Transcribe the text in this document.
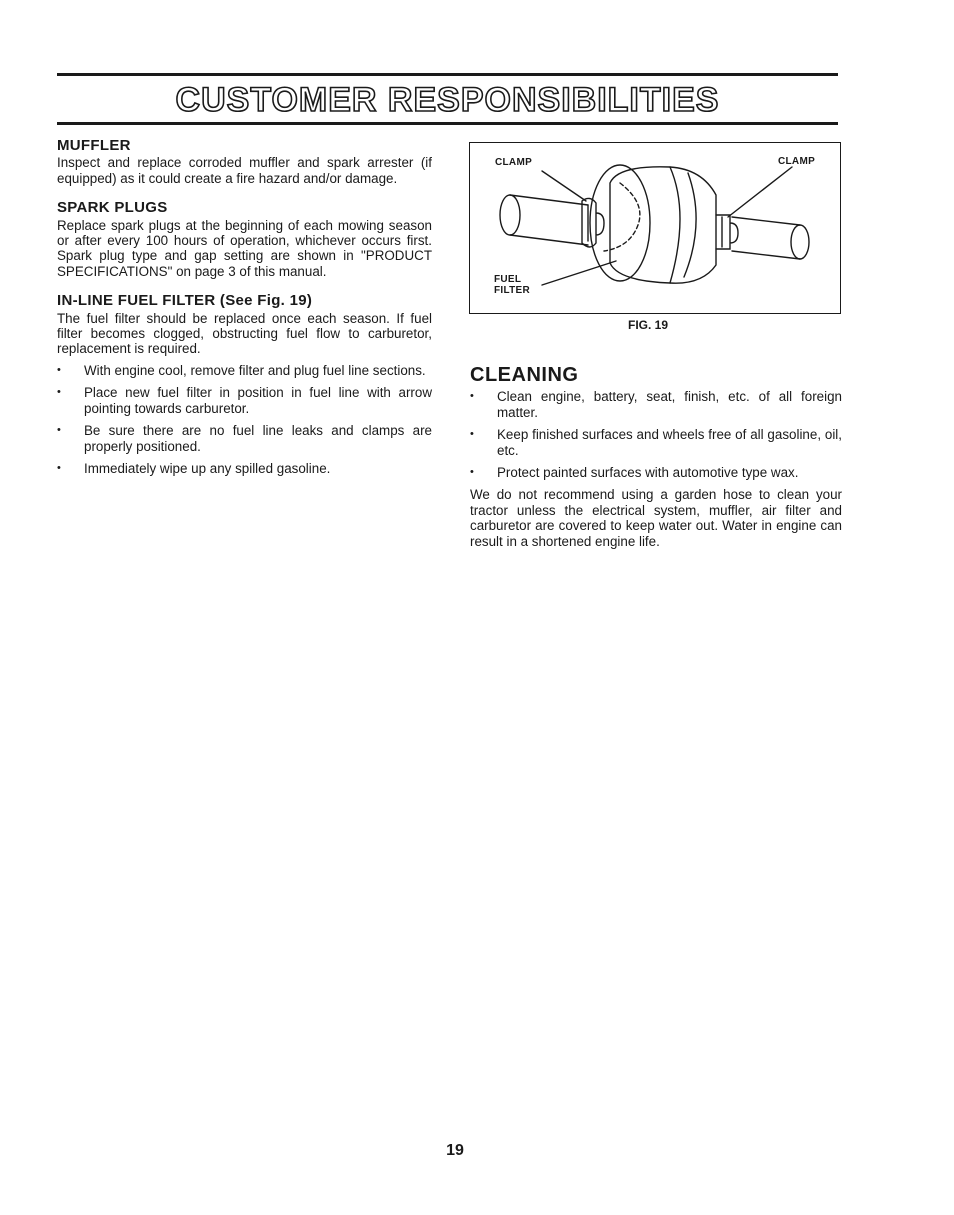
CUSTOMER RESPONSIBILITIES
MUFFLER

Inspect and replace corroded muffler and spark arrester (if equipped) as it could create a fire hazard and/or damage.

SPARK PLUGS

Replace spark plugs at the beginning of each mowing season or after every 100 hours of operation, whichever occurs first. Spark plug type and gap setting are shown in "PRODUCT SPECIFICATIONS" on page 3 of this manual.

IN-LINE FUEL FILTER (See Fig. 19)

The fuel filter should be replaced once each season. If fuel filter becomes clogged, obstructing fuel flow to carburetor, replacement is required.

• With engine cool, remove filter and plug fuel line sections.
• Place new fuel filter in position in fuel line with arrow pointing towards carburetor.
• Be sure there are no fuel line leaks and clamps are properly positioned.
• Immediately wipe up any spilled gasoline.
CLAMP	CLAMP
FUEL
FILTER
FIG. 19
CLEANING
• Clean engine, battery, seat, finish, etc. of all foreign matter.
• Keep finished surfaces and wheels free of all gasoline, oil, etc.
• Protect painted surfaces with automotive type wax.

We do not recommend using a garden hose to clean your tractor unless the electrical system, muffler, air filter and carburetor are covered to keep water out. Water in engine can result in a shortened engine life.

19
